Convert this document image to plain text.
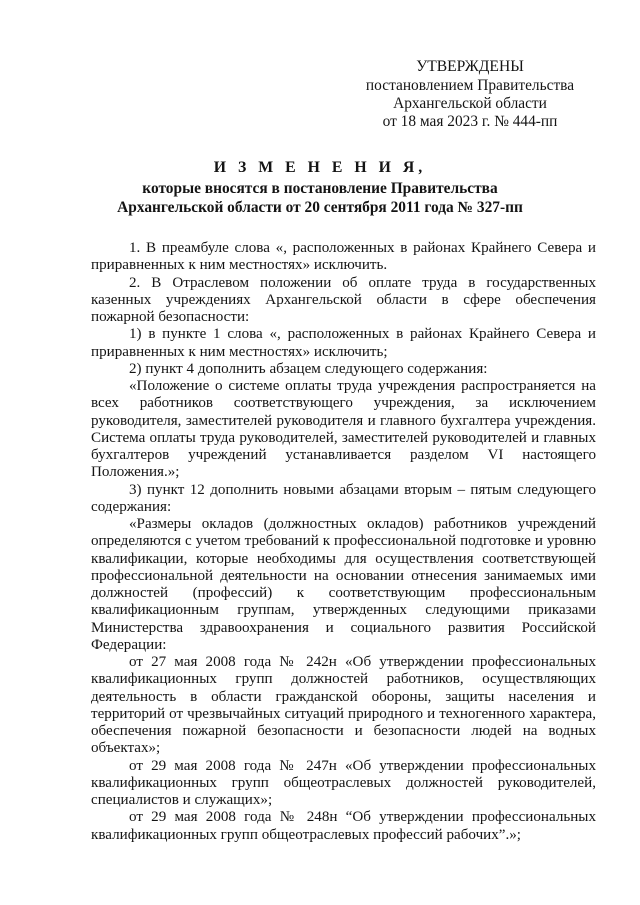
УТВЕРЖДЕНЫ
постановлением Правительства
Архангельской области
от 18 мая 2023 г. № 444-пп
И З М Е Н Е Н И Я,
которые вносятся в постановление Правительства
Архангельской области от 20 сентября 2011 года № 327-пп

1. В преамбуле слова «, расположенных в районах Крайнего Севера и приравненных к ним местностях» исключить.

2. В Отраслевом положении об оплате труда в государственных казенных учреждениях Архангельской области в сфере обеспечения пожарной безопасности:

1) в пункте 1 слова «, расположенных в районах Крайнего Севера и приравненных к ним местностях» исключить;

2) пункт 4 дополнить абзацем следующего содержания:

«Положение о системе оплаты труда учреждения распространяется на всех работников соответствующего учреждения, за исключением руководителя, заместителей руководителя и главного бухгалтера учреждения. Система оплаты труда руководителей, заместителей руководителей и главных бухгалтеров учреждений устанавливается разделом VI настоящего Положения.»;

3) пункт 12 дополнить новыми абзацами вторым – пятым следующего содержания:

«Размеры окладов (должностных окладов) работников учреждений определяются с учетом требований к профессиональной подготовке и уровню квалификации, которые необходимы для осуществления соответствующей профессиональной деятельности на основании отнесения занимаемых ими должностей (профессий) к соответствующим профессиональным квалификационным группам, утвержденных следующими приказами Министерства здравоохранения и социального развития Российской Федерации:

от 27 мая 2008 года № 242н «Об утверждении профессиональных квалификационных групп должностей работников, осуществляющих деятельность в области гражданской обороны, защиты населения и территорий от чрезвычайных ситуаций природного и техногенного характера, обеспечения пожарной безопасности и безопасности людей на водных объектах»;

от 29 мая 2008 года № 247н «Об утверждении профессиональных квалификационных групп общеотраслевых должностей руководителей, специалистов и служащих»;

от 29 мая 2008 года № 248н “Об утверждении профессиональных квалификационных групп общеотраслевых профессий рабочих”.»;
